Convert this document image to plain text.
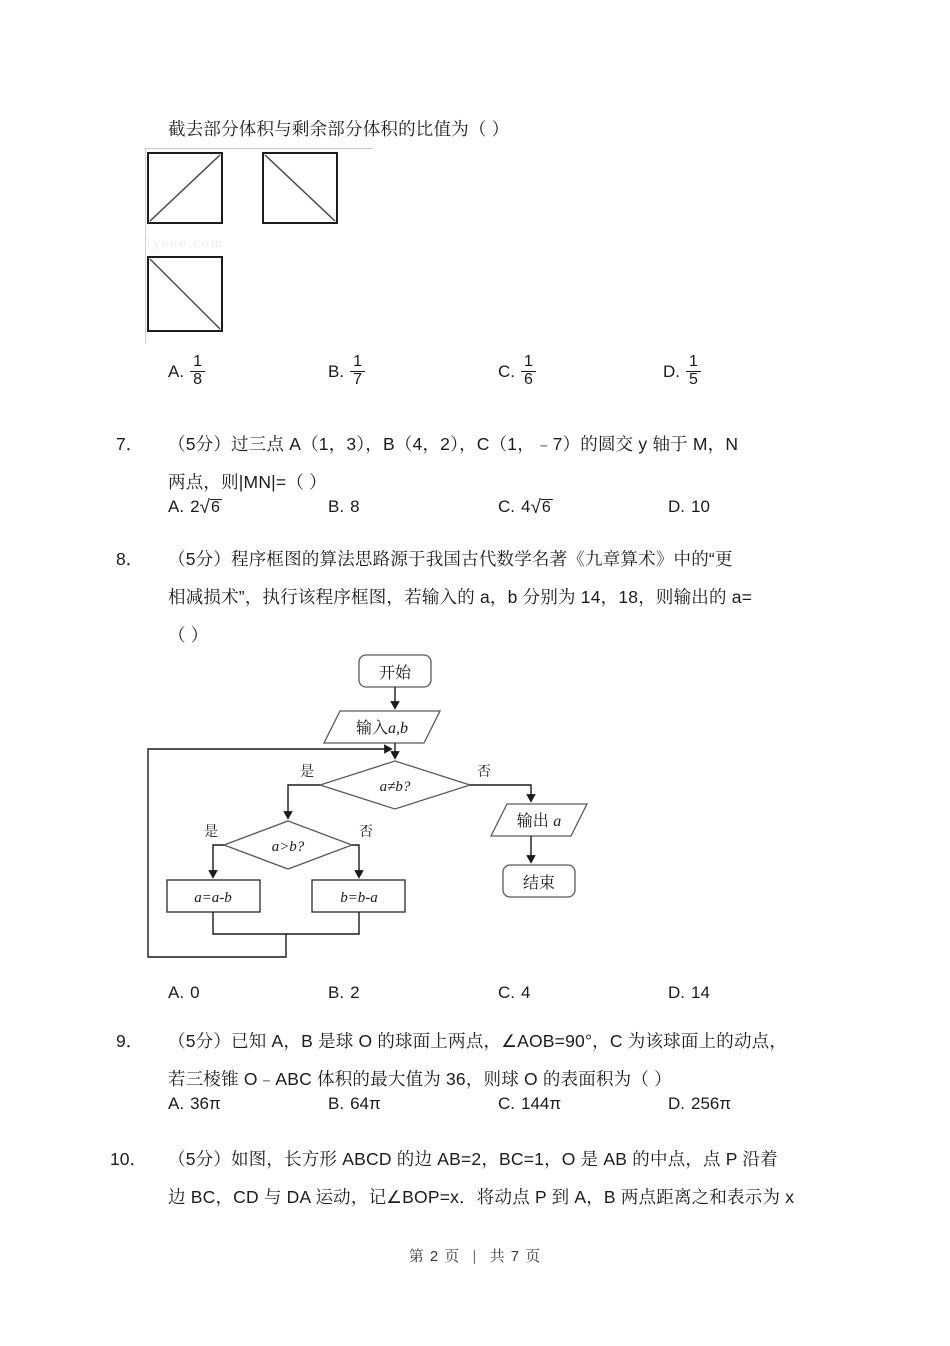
截去部分体积与剩余部分体积的比值为（ ）
lyeoo.com
A. $\frac{1}{8}$	B. $\frac{1}{7}$	C. $\frac{1}{6}$	D. $\frac{1}{5}$
7． （5分）过三点 A（1，3），B（4，2），C（1，﹣7）的圆交 y 轴于 M，N
两点，则|MN|=（ ）
A. 2 √ 6	B. 8	C. 4 √ 6	D. 10
8． （5分）程序框图的算法思路源于我国古代数学名著《九章算术》中的“更
相减损术”，执行该程序框图，若输入的 a，b 分别为 14，18，则输出的 a=
（ ）
开始
输入a,b
a≠b?
a>b?
a=a-b	b=b-a
输出 a
结束
是	否
是	否
A. 0	B. 2	C. 4	D. 14
9． （5分）已知 A，B 是球 O 的球面上两点，∠AOB=90°，C 为该球面上的动点，
若三棱锥 O﹣ABC 体积的最大值为 36，则球 O 的表面积为（ ）
A. 36π	B. 64π	C. 144π	D. 256π
10． （5分）如图，长方形 ABCD 的边 AB=2，BC=1，O 是 AB 的中点，点 P 沿着
边 BC，CD 与 DA 运动，记∠BOP=x．将动点 P 到 A，B 两点距离之和表示为 x
第 2 页 | 共 7 页
